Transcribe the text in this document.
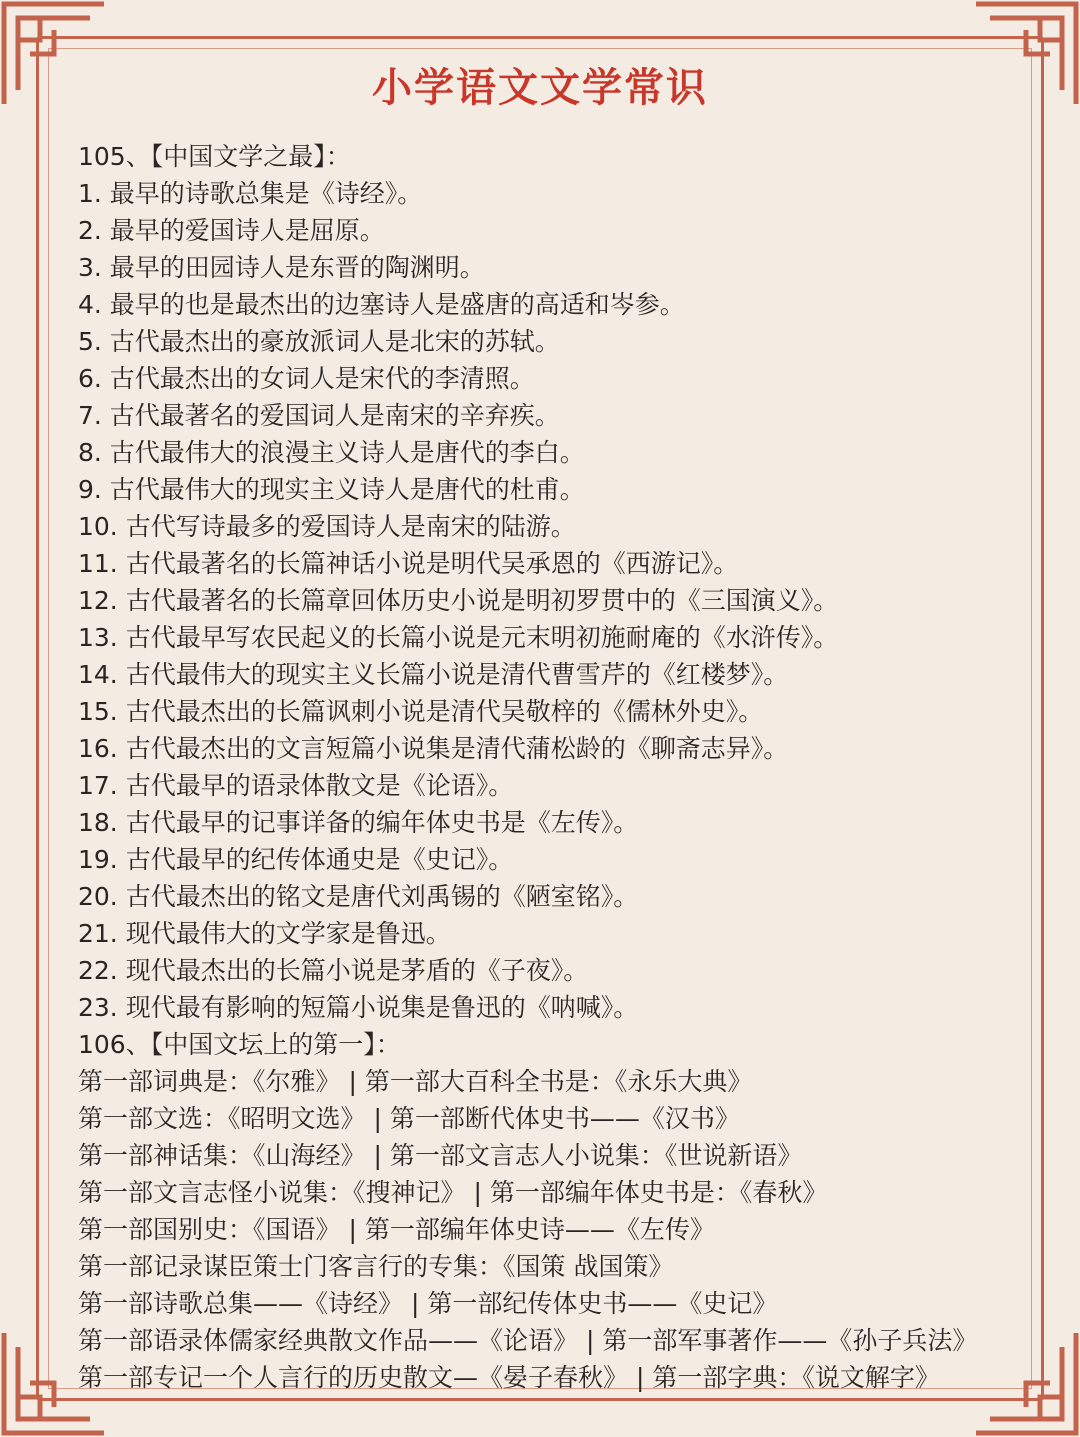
小学语文文学常识
105、【中国文学之最】：
1. 最早的诗歌总集是《诗经》。
2. 最早的爱国诗人是屈原。
3. 最早的田园诗人是东晋的陶渊明。
4. 最早的也是最杰出的边塞诗人是盛唐的高适和岑参。
5. 古代最杰出的豪放派词人是北宋的苏轼。
6. 古代最杰出的女词人是宋代的李清照。
7. 古代最著名的爱国词人是南宋的辛弃疾。
8. 古代最伟大的浪漫主义诗人是唐代的李白。
9. 古代最伟大的现实主义诗人是唐代的杜甫。
10. 古代写诗最多的爱国诗人是南宋的陆游。
11. 古代最著名的长篇神话小说是明代吴承恩的《西游记》。
12. 古代最著名的长篇章回体历史小说是明初罗贯中的《三国演义》。
13. 古代最早写农民起义的长篇小说是元末明初施耐庵的《水浒传》。
14. 古代最伟大的现实主义长篇小说是清代曹雪芹的《红楼梦》。
15. 古代最杰出的长篇讽刺小说是清代吴敬梓的《儒林外史》。
16. 古代最杰出的文言短篇小说集是清代蒲松龄的《聊斋志异》。
17. 古代最早的语录体散文是《论语》。
18. 古代最早的记事详备的编年体史书是《左传》。
19. 古代最早的纪传体通史是《史记》。
20. 古代最杰出的铭文是唐代刘禹锡的《陋室铭》。
21. 现代最伟大的文学家是鲁迅。
22. 现代最杰出的长篇小说是茅盾的《子夜》。
23. 现代最有影响的短篇小说集是鲁迅的《呐喊》。
106、【中国文坛上的第一】：
第一部词典是：《尔雅》 | 第一部大百科全书是：《永乐大典》
第一部文选：《昭明文选》 | 第一部断代体史书——《汉书》
第一部神话集：《山海经》 | 第一部文言志人小说集：《世说新语》
第一部文言志怪小说集：《搜神记》 | 第一部编年体史书是：《春秋》
第一部国别史：《国语》 | 第一部编年体史诗——《左传》
第一部记录谋臣策士门客言行的专集：《国策 战国策》
第一部诗歌总集——《诗经》 | 第一部纪传体史书——《史记》
第一部语录体儒家经典散文作品——《论语》 | 第一部军事著作——《孙子兵法》
第一部专记一个人言行的历史散文—《晏子春秋》 | 第一部字典：《说文解字》
